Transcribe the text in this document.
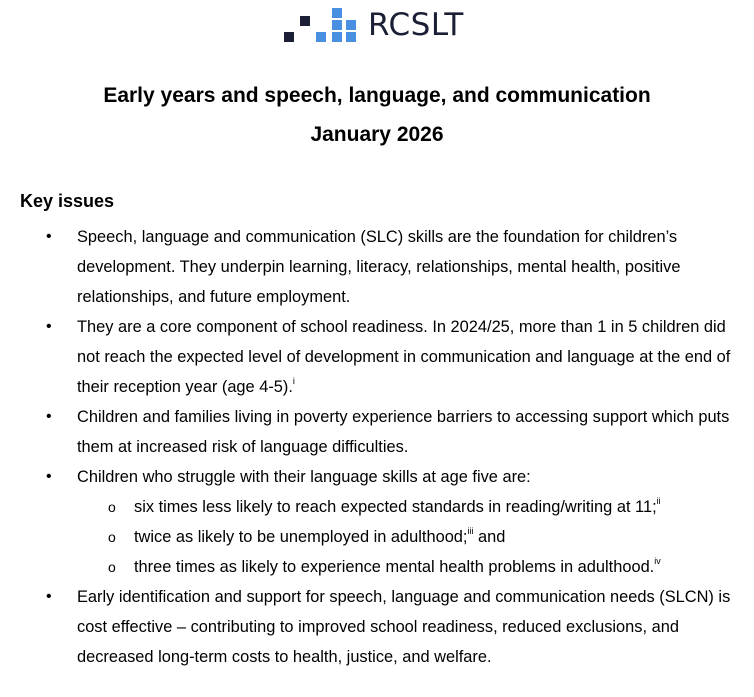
RCSLT
Early years and speech, language, and communication
January 2026
Key issues
• Speech, language and communication (SLC) skills are the foundation for children’s development. They underpin learning, literacy, relationships, mental health, positive relationships, and future employment.
• They are a core component of school readiness. In 2024/25, more than 1 in 5 children did not reach the expected level of development in communication and language at the end of their reception year (age 4-5).$^i$
• Children and families living in poverty experience barriers to accessing support which puts them at increased risk of language difficulties.
• Children who struggle with their language skills at age five are:
o six times less likely to reach expected standards in reading/writing at 11;$^{ii}$
o twice as likely to be unemployed in adulthood;$^{iii}$ and
o three times as likely to experience mental health problems in adulthood.$^{iv}$
• Early identification and support for speech, language and communication needs (SLCN) is cost effective – contributing to improved school readiness, reduced exclusions, and decreased long-term costs to health, justice, and welfare.
